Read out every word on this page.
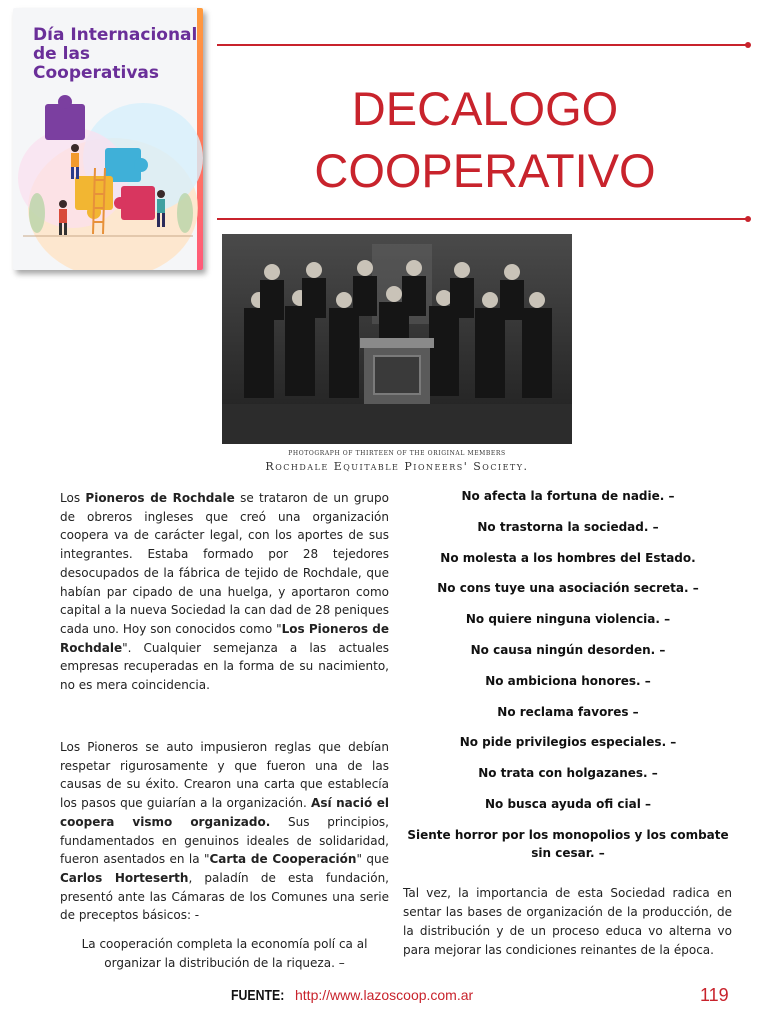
Día Internacional de las Cooperativas
DECALOGO
COOPERATIVO
PHOTOGRAPH OF THIRTEEN OF THE ORIGINAL MEMBERS
Rochdale Equitable Pioneers' Society.
Los Pioneros de Rochdale se trataron de un grupo de obreros ingleses que creó una organización coopera va de carácter legal, con los aportes de sus integrantes. Estaba formado por 28 tejedores desocupados de la fábrica de tejido de Rochdale, que habían par cipado de una huelga, y aportaron como capital a la nueva Sociedad la can dad de 28 peniques cada uno. Hoy son conocidos como "Los Pioneros de Rochdale". Cualquier semejanza a las actuales empresas recuperadas en la forma de su nacimiento, no es mera coincidencia.
Los Pioneros se auto impusieron reglas que debían respetar rigurosamente y que fueron una de las causas de su éxito. Crearon una carta que establecía los pasos que guiarían a la organización. Así nació el coopera vismo organizado. Sus principios, fundamentados en genuinos ideales de solidaridad, fueron asentados en la "Carta de Cooperación" que Carlos Horteserth, paladín de esta fundación, presentó ante las Cámaras de los Comunes una serie de preceptos básicos: -
La cooperación completa la economía polí ca al organizar la distribución de la riqueza. –
No afecta la fortuna de nadie. –
No trastorna la sociedad. –
No molesta a los hombres del Estado.
No cons tuye una asociación secreta. –
No quiere ninguna violencia. –
No causa ningún desorden. –
No ambiciona honores. –
No reclama favores –
No pide privilegios especiales. –
No trata con holgazanes. –
No busca ayuda ofi cial –
Siente horror por los monopolios y los combate sin cesar. –
Tal vez, la importancia de esta Sociedad radica en sentar las bases de organización de la producción, de la distribución y de un proceso educa vo alterna vo para mejorar las condiciones reinantes de la época.
FUENTE: http://www.lazoscoop.com.ar	119
